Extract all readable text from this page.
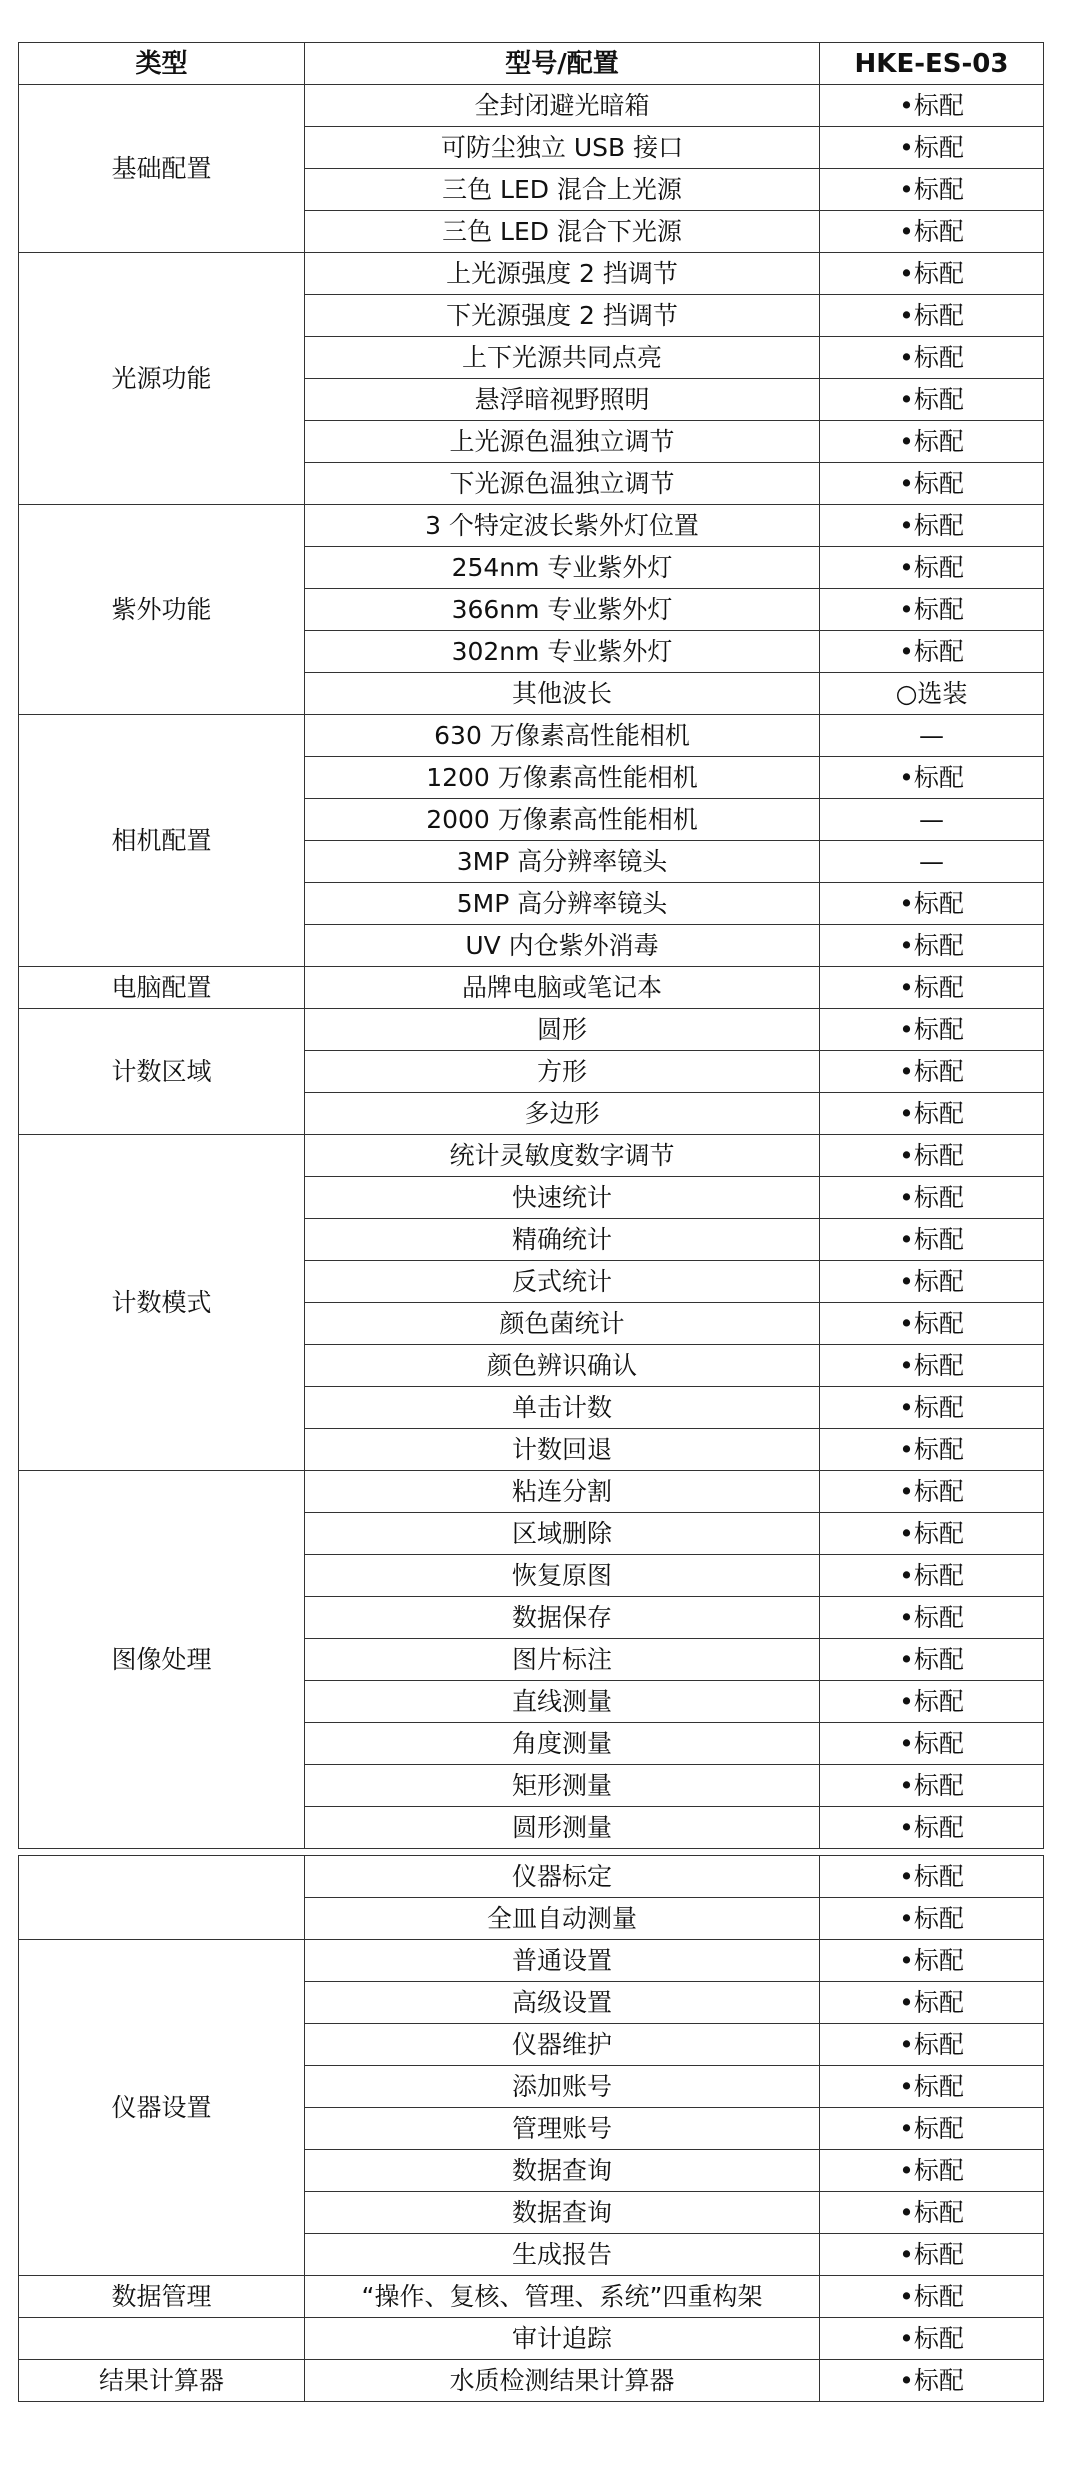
类型	型号/配置	HKE-ES-03
基础配置	全封闭避光暗箱	•标配
	可防尘独立 USB 接口	•标配
	三色 LED 混合上光源	•标配
	三色 LED 混合下光源	•标配
光源功能	上光源强度 2 挡调节	•标配
	下光源强度 2 挡调节	•标配
	上下光源共同点亮	•标配
	悬浮暗视野照明	•标配
	上光源色温独立调节	•标配
	下光源色温独立调节	•标配
紫外功能	3 个特定波长紫外灯位置	•标配
	254nm 专业紫外灯	•标配
	366nm 专业紫外灯	•标配
	302nm 专业紫外灯	•标配
	其他波长	○选装
相机配置	630 万像素高性能相机	—
	1200 万像素高性能相机	•标配
	2000 万像素高性能相机	—
	3MP 高分辨率镜头	—
	5MP 高分辨率镜头	•标配
	UV 内仓紫外消毒	•标配
电脑配置	品牌电脑或笔记本	•标配
计数区域	圆形	•标配
	方形	•标配
	多边形	•标配
计数模式	统计灵敏度数字调节	•标配
	快速统计	•标配
	精确统计	•标配
	反式统计	•标配
	颜色菌统计	•标配
	颜色辨识确认	•标配
	单击计数	•标配
	计数回退	•标配
图像处理	粘连分割	•标配
	区域删除	•标配
	恢复原图	•标配
	数据保存	•标配
	图片标注	•标配
	直线测量	•标配
	角度测量	•标配
	矩形测量	•标配
	圆形测量	•标配

	仪器标定	•标配
	全皿自动测量	•标配
仪器设置	普通设置	•标配
	高级设置	•标配
	仪器维护	•标配
	添加账号	•标配
	管理账号	•标配
	数据查询	•标配
	数据查询	•标配
	生成报告	•标配
数据管理	“操作、复核、管理、系统”四重构架	•标配
	审计追踪	•标配
结果计算器	水质检测结果计算器	•标配
